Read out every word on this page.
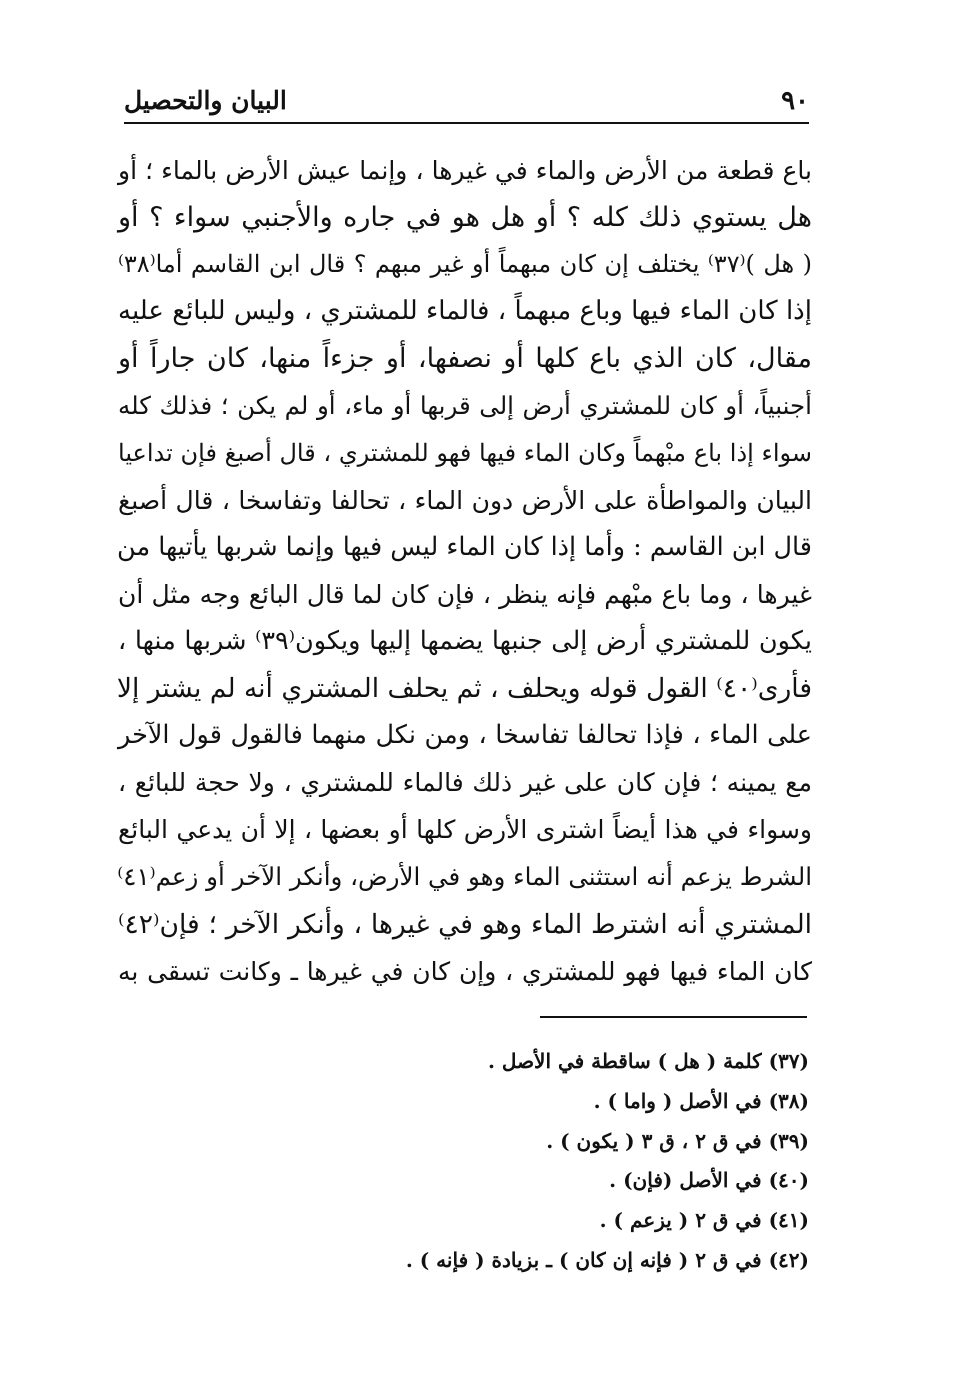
٩٠
البيان والتحصيل
باع قطعة من الأرض والماء في غيرها ، وإنما عيش الأرض بالماء ؛ أو
هل يستوي ذلك كله ؟ أو هل هو في جاره والأجنبي سواء ؟ أو
( هل )⁽٣٧⁾ يختلف إن كان مبهماً أو غير مبهم ؟ قال ابن القاسم أما⁽٣٨⁾
إذا كان الماء فيها وباع مبهماً ، فالماء للمشتري ، وليس للبائع عليه
مقال، كان الذي باع كلها أو نصفها، أو جزءاً منها، كان جاراً أو
أجنبياً، أو كان للمشتري أرض إلى قربها أو ماء، أو لم يكن ؛ فذلك كله
سواء إذا باع مبْهماً وكان الماء فيها فهو للمشتري ، قال أصبغ فإن تداعيا
البيان والمواطأة على الأرض دون الماء ، تحالفا وتفاسخا ، قال أصبغ
قال ابن القاسم : وأما إذا كان الماء ليس فيها وإنما شربها يأتيها من
غيرها ، وما باع مبْهم فإنه ينظر ، فإن كان لما قال البائع وجه مثل أن
يكون للمشتري أرض إلى جنبها يضمها إليها ويكون⁽٣٩⁾ شربها منها ،
فأرى⁽٤٠⁾ القول قوله ويحلف ، ثم يحلف المشتري أنه لم يشتر إلا
على الماء ، فإذا تحالفا تفاسخا ، ومن نكل منهما فالقول قول الآخر
مع يمينه ؛ فإن كان على غير ذلك فالماء للمشتري ، ولا حجة للبائع ،
وسواء في هذا أيضاً اشترى الأرض كلها أو بعضها ، إلا أن يدعي البائع
الشرط يزعم أنه استثنى الماء وهو في الأرض، وأنكر الآخر أو زعم⁽٤١⁾
المشتري أنه اشترط الماء وهو في غيرها ، وأنكر الآخر ؛ فإن⁽٤٢⁾
كان الماء فيها فهو للمشتري ، وإن كان في غيرها ـ وكانت تسقى به
(٣٧) كلمة ( هل ) ساقطة في الأصل .
(٣٨) في الأصل ( واما ) .
(٣٩) في ق ٢ ، ق ٣ ( يكون ) .
(٤٠) في الأصل (فإن) .
(٤١) في ق ٢ ( يزعم ) .
(٤٢) في ق ٢ ( فإنه إن كان ) ـ بزيادة ( فإنه ) .
